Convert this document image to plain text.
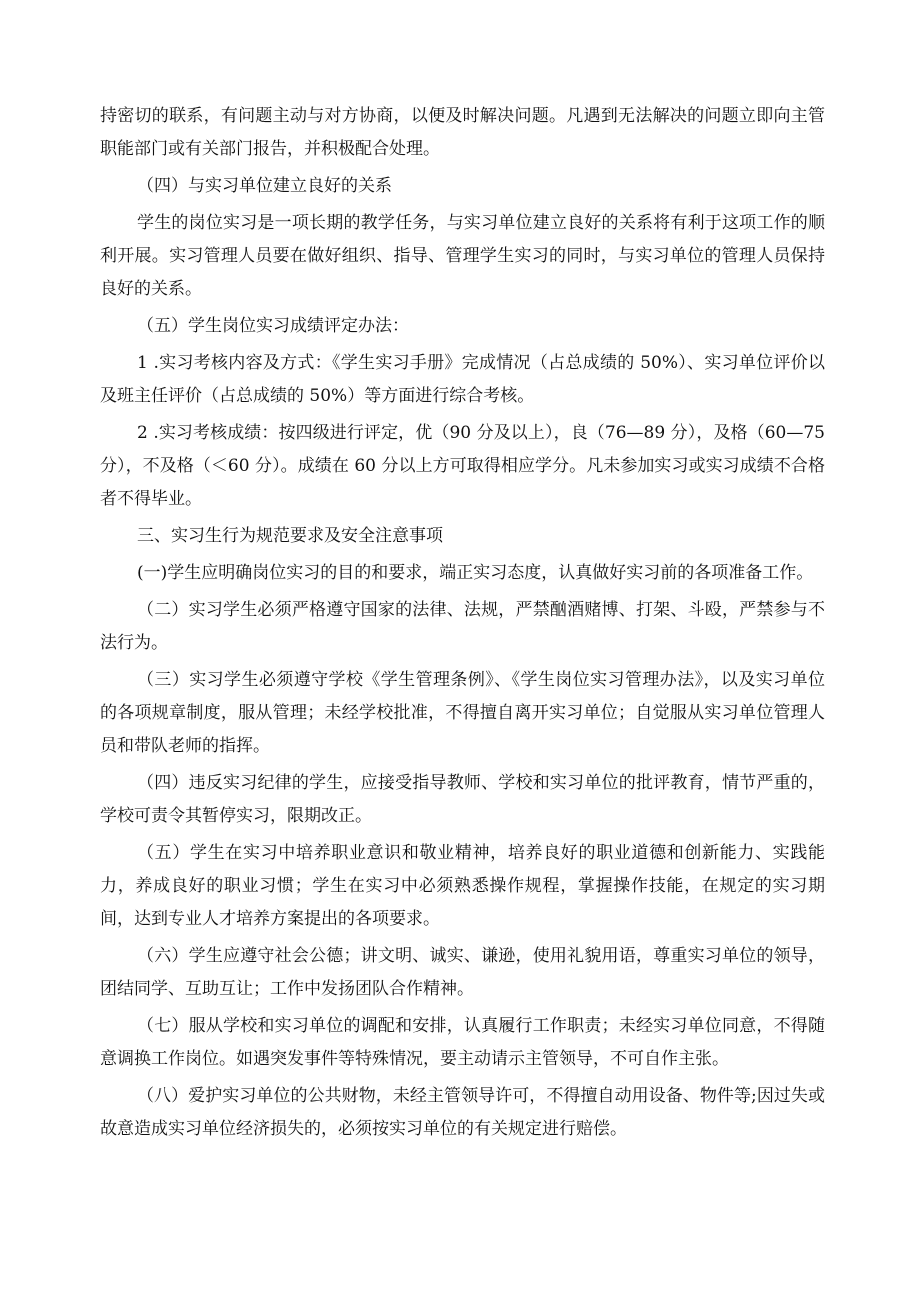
持密切的联系，有问题主动与对方协商，以便及时解决问题。凡遇到无法解决的问题立即向主管职能部门或有关部门报告，并积极配合处理。

（四）与实习单位建立良好的关系

学生的岗位实习是一项长期的教学任务，与实习单位建立良好的关系将有利于这项工作的顺利开展。实习管理人员要在做好组织、指导、管理学生实习的同时，与实习单位的管理人员保持良好的关系。

（五）学生岗位实习成绩评定办法：

1 .实习考核内容及方式：《学生实习手册》完成情况（占总成绩的 50%）、实习单位评价以及班主任评价（占总成绩的 50%）等方面进行综合考核。

2 .实习考核成绩：按四级进行评定，优（90 分及以上），良（76—89 分），及格（60—75 分），不及格（＜60 分）。成绩在 60 分以上方可取得相应学分。凡未参加实习或实习成绩不合格者不得毕业。

三、实习生行为规范要求及安全注意事项

(一)学生应明确岗位实习的目的和要求，端正实习态度，认真做好实习前的各项准备工作。

（二）实习学生必须严格遵守国家的法律、法规，严禁酗酒赌博、打架、斗殴，严禁参与不法行为。

（三）实习学生必须遵守学校《学生管理条例》、《学生岗位实习管理办法》，以及实习单位的各项规章制度，服从管理；未经学校批准，不得擅自离开实习单位；自觉服从实习单位管理人员和带队老师的指挥。

（四）违反实习纪律的学生，应接受指导教师、学校和实习单位的批评教育，情节严重的，学校可责令其暂停实习，限期改正。

（五）学生在实习中培养职业意识和敬业精神，培养良好的职业道德和创新能力、实践能力，养成良好的职业习惯；学生在实习中必须熟悉操作规程，掌握操作技能，在规定的实习期间，达到专业人才培养方案提出的各项要求。

（六）学生应遵守社会公德；讲文明、诚实、谦逊，使用礼貌用语，尊重实习单位的领导，团结同学、互助互让；工作中发扬团队合作精神。

（七）服从学校和实习单位的调配和安排，认真履行工作职责；未经实习单位同意，不得随意调换工作岗位。如遇突发事件等特殊情况，要主动请示主管领导，不可自作主张。

（八）爱护实习单位的公共财物，未经主管领导许可，不得擅自动用设备、物件等;因过失或故意造成实习单位经济损失的，必须按实习单位的有关规定进行赔偿。
